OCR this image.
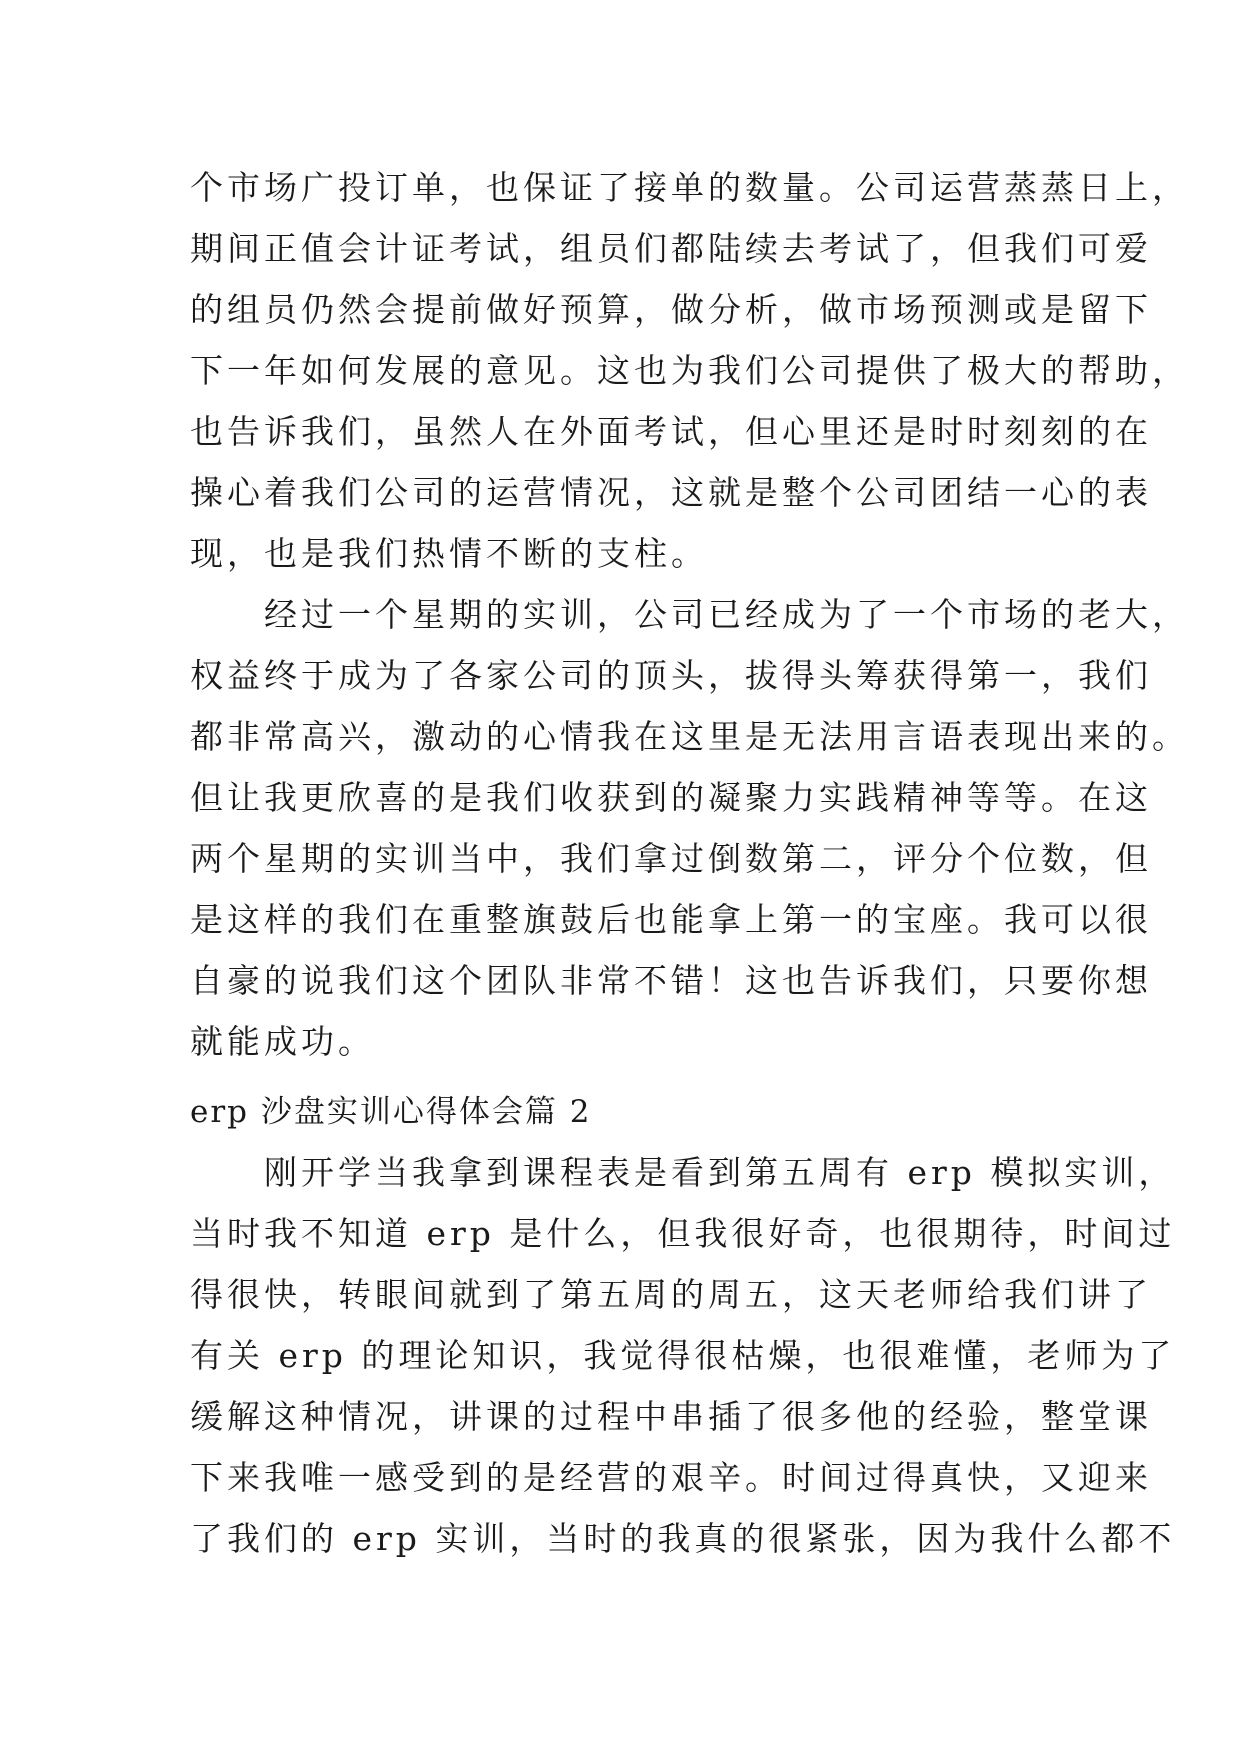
个市场广投订单，也保证了接单的数量。公司运营蒸蒸日上，
期间正值会计证考试，组员们都陆续去考试了，但我们可爱
的组员仍然会提前做好预算，做分析，做市场预测或是留下
下一年如何发展的意见。这也为我们公司提供了极大的帮助，
也告诉我们，虽然人在外面考试，但心里还是时时刻刻的在
操心着我们公司的运营情况，这就是整个公司团结一心的表
现，也是我们热情不断的支柱。
　　经过一个星期的实训，公司已经成为了一个市场的老大，
权益终于成为了各家公司的顶头，拔得头筹获得第一，我们
都非常高兴，激动的心情我在这里是无法用言语表现出来的。
但让我更欣喜的是我们收获到的凝聚力实践精神等等。在这
两个星期的实训当中，我们拿过倒数第二，评分个位数，但
是这样的我们在重整旗鼓后也能拿上第一的宝座。我可以很
自豪的说我们这个团队非常不错！这也告诉我们，只要你想
就能成功。
erp 沙盘实训心得体会篇 2
　　刚开学当我拿到课程表是看到第五周有 erp 模拟实训，
当时我不知道 erp 是什么，但我很好奇，也很期待，时间过
得很快，转眼间就到了第五周的周五，这天老师给我们讲了
有关 erp 的理论知识，我觉得很枯燥，也很难懂，老师为了
缓解这种情况，讲课的过程中串插了很多他的经验，整堂课
下来我唯一感受到的是经营的艰辛。时间过得真快，又迎来
了我们的 erp 实训，当时的我真的很紧张，因为我什么都不
